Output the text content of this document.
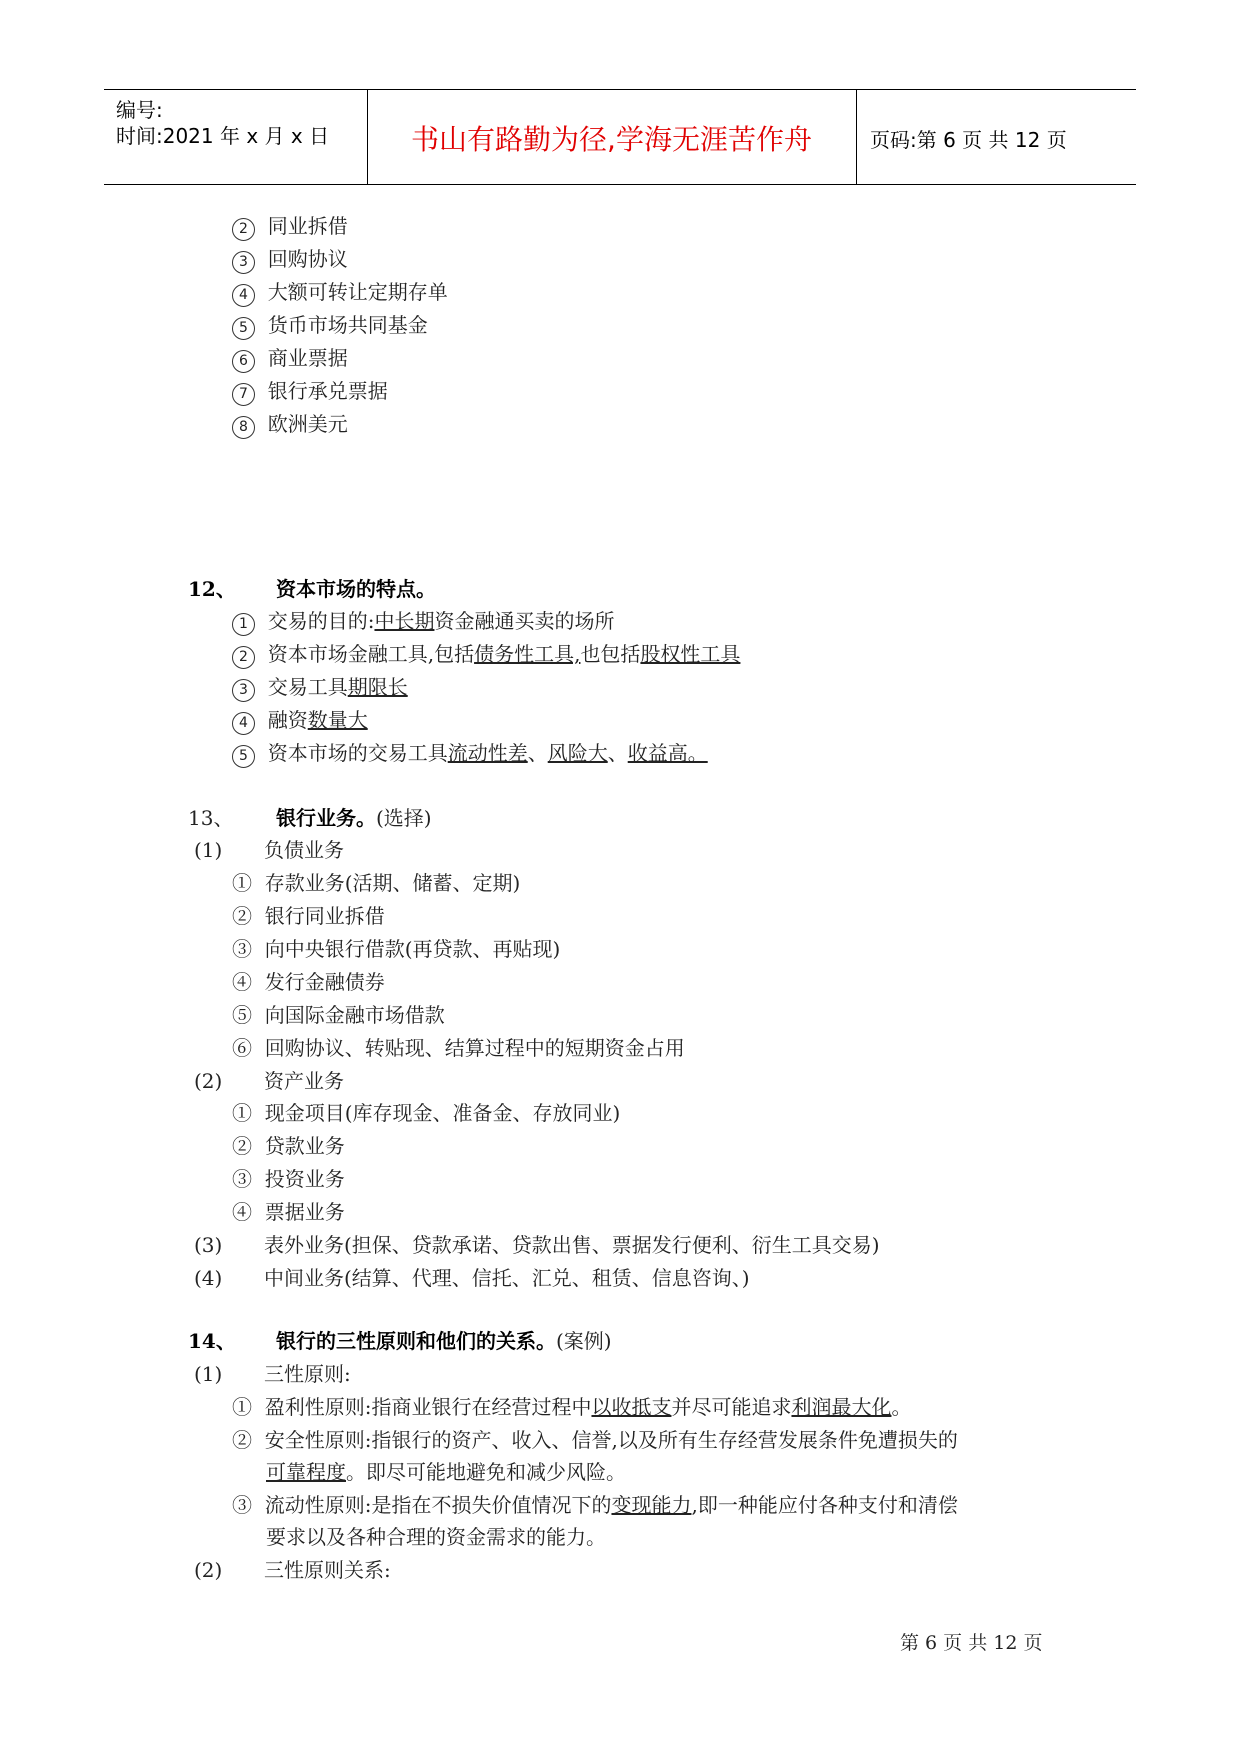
编号:
时间:2021 年 x 月 x 日	书山有路勤为径,学海无涯苦作舟	页码:第 6 页 共 12 页
2 同业拆借
3 回购协议
4 大额可转让定期存单
5 货币市场共同基金
6 商业票据
7 银行承兑票据
8 欧洲美元
12、 资本市场的特点。
1 交易的目的:中长期资金融通买卖的场所
2 资本市场金融工具,包括债务性工具,也包括股权性工具
3 交易工具期限长
4 融资数量大
5 资本市场的交易工具流动性差、风险大、收益高。
13、 银行业务。(选择)
(1) 负债业务
① 存款业务(活期、储蓄、定期)
② 银行同业拆借
③ 向中央银行借款(再贷款、再贴现)
④ 发行金融债券
⑤ 向国际金融市场借款
⑥ 回购协议、转贴现、结算过程中的短期资金占用
(2) 资产业务
① 现金项目(库存现金、准备金、存放同业)
② 贷款业务
③ 投资业务
④ 票据业务
(3) 表外业务(担保、贷款承诺、贷款出售、票据发行便利、衍生工具交易)
(4) 中间业务(结算、代理、信托、汇兑、租赁、信息咨询、)
14、 银行的三性原则和他们的关系。(案例)
(1) 三性原则:
① 盈利性原则:指商业银行在经营过程中以收抵支并尽可能追求利润最大化。
② 安全性原则:指银行的资产、收入、信誉,以及所有生存经营发展条件免遭损失的
可靠程度。即尽可能地避免和减少风险。
③ 流动性原则:是指在不损失价值情况下的变现能力,即一种能应付各种支付和清偿
要求以及各种合理的资金需求的能力。
(2) 三性原则关系:
第 6 页 共 12 页
